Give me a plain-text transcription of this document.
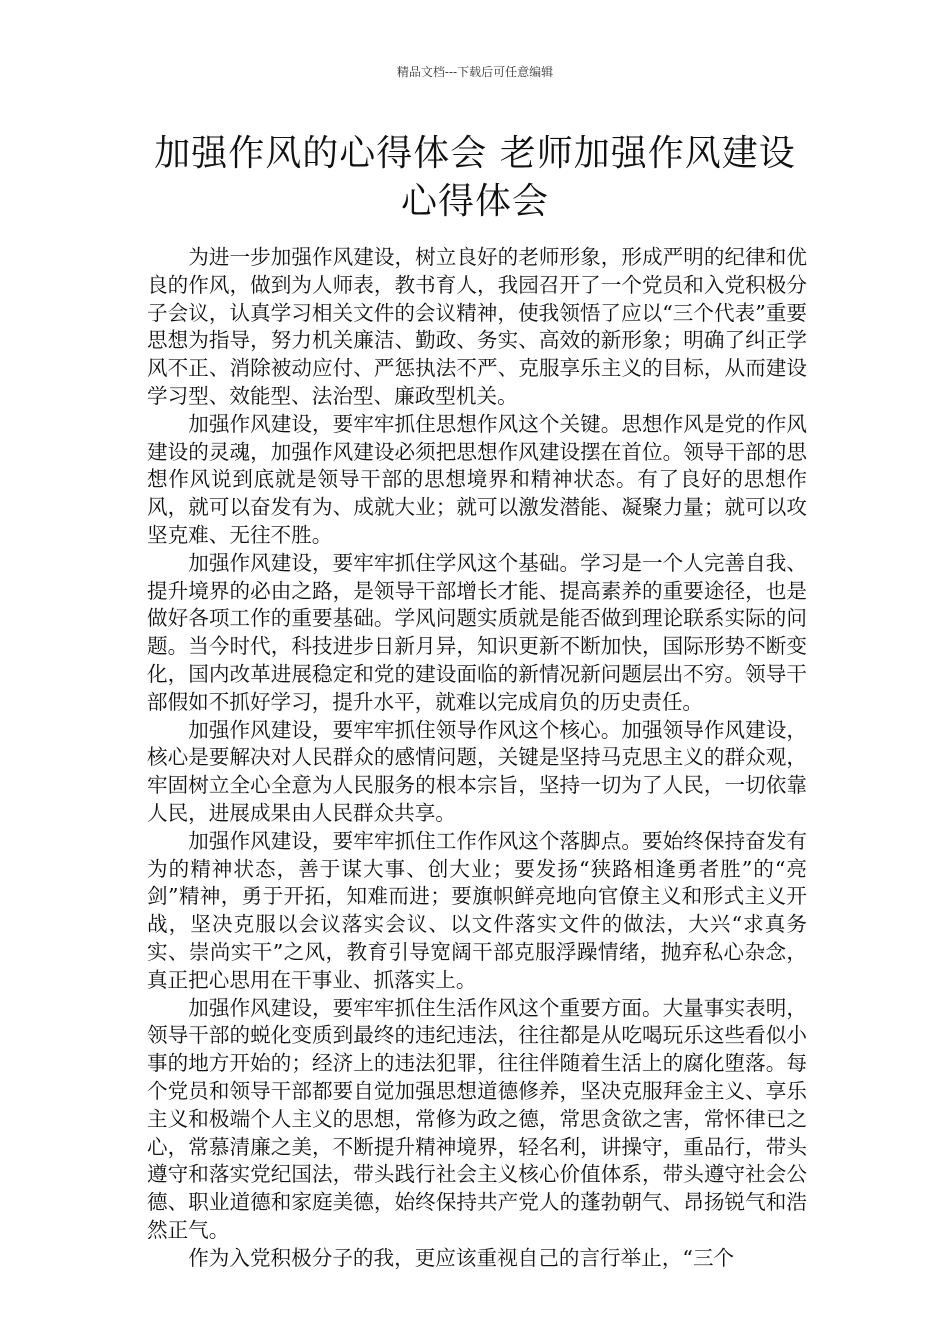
精品文档---下载后可任意编辑
加强作风的心得体会 老师加强作风建设心得体会

为进一步加强作风建设，树立良好的老师形象，形成严明的纪律和优良的作风，做到为人师表，教书育人，我园召开了一个党员和入党积极分子会议，认真学习相关文件的会议精神，使我领悟了应以“三个代表”重要思想为指导，努力机关廉洁、勤政、务实、高效的新形象；明确了纠正学风不正、消除被动应付、严惩执法不严、克服享乐主义的目标，从而建设学习型、效能型、法治型、廉政型机关。

加强作风建设，要牢牢抓住思想作风这个关键。思想作风是党的作风建设的灵魂，加强作风建设必须把思想作风建设摆在首位。领导干部的思想作风说到底就是领导干部的思想境界和精神状态。有了良好的思想作风，就可以奋发有为、成就大业；就可以激发潜能、凝聚力量；就可以攻坚克难、无往不胜。

加强作风建设，要牢牢抓住学风这个基础。学习是一个人完善自我、提升境界的必由之路，是领导干部增长才能、提高素养的重要途径，也是做好各项工作的重要基础。学风问题实质就是能否做到理论联系实际的问题。当今时代，科技进步日新月异，知识更新不断加快，国际形势不断变化，国内改革进展稳定和党的建设面临的新情况新问题层出不穷。领导干部假如不抓好学习，提升水平，就难以完成肩负的历史责任。

加强作风建设，要牢牢抓住领导作风这个核心。加强领导作风建设，核心是要解决对人民群众的感情问题，关键是坚持马克思主义的群众观，牢固树立全心全意为人民服务的根本宗旨，坚持一切为了人民，一切依靠人民，进展成果由人民群众共享。

加强作风建设，要牢牢抓住工作作风这个落脚点。要始终保持奋发有为的精神状态，善于谋大事、创大业；要发扬“狭路相逢勇者胜”的“亮剑”精神，勇于开拓，知难而进；要旗帜鲜亮地向官僚主义和形式主义开战，坚决克服以会议落实会议、以文件落实文件的做法，大兴“求真务实、崇尚实干”之风，教育引导宽阔干部克服浮躁情绪，抛弃私心杂念，真正把心思用在干事业、抓落实上。

加强作风建设，要牢牢抓住生活作风这个重要方面。大量事实表明，领导干部的蜕化变质到最终的违纪违法，往往都是从吃喝玩乐这些看似小事的地方开始的；经济上的违法犯罪，往往伴随着生活上的腐化堕落。每个党员和领导干部都要自觉加强思想道德修养，坚决克服拜金主义、享乐主义和极端个人主义的思想，常修为政之德，常思贪欲之害，常怀律已之心，常慕清廉之美，不断提升精神境界，轻名利，讲操守，重品行，带头遵守和落实党纪国法，带头践行社会主义核心价值体系，带头遵守社会公德、职业道德和家庭美德，始终保持共产党人的蓬勃朝气、昂扬锐气和浩然正气。

作为入党积极分子的我，更应该重视自己的言行举止，“三个
